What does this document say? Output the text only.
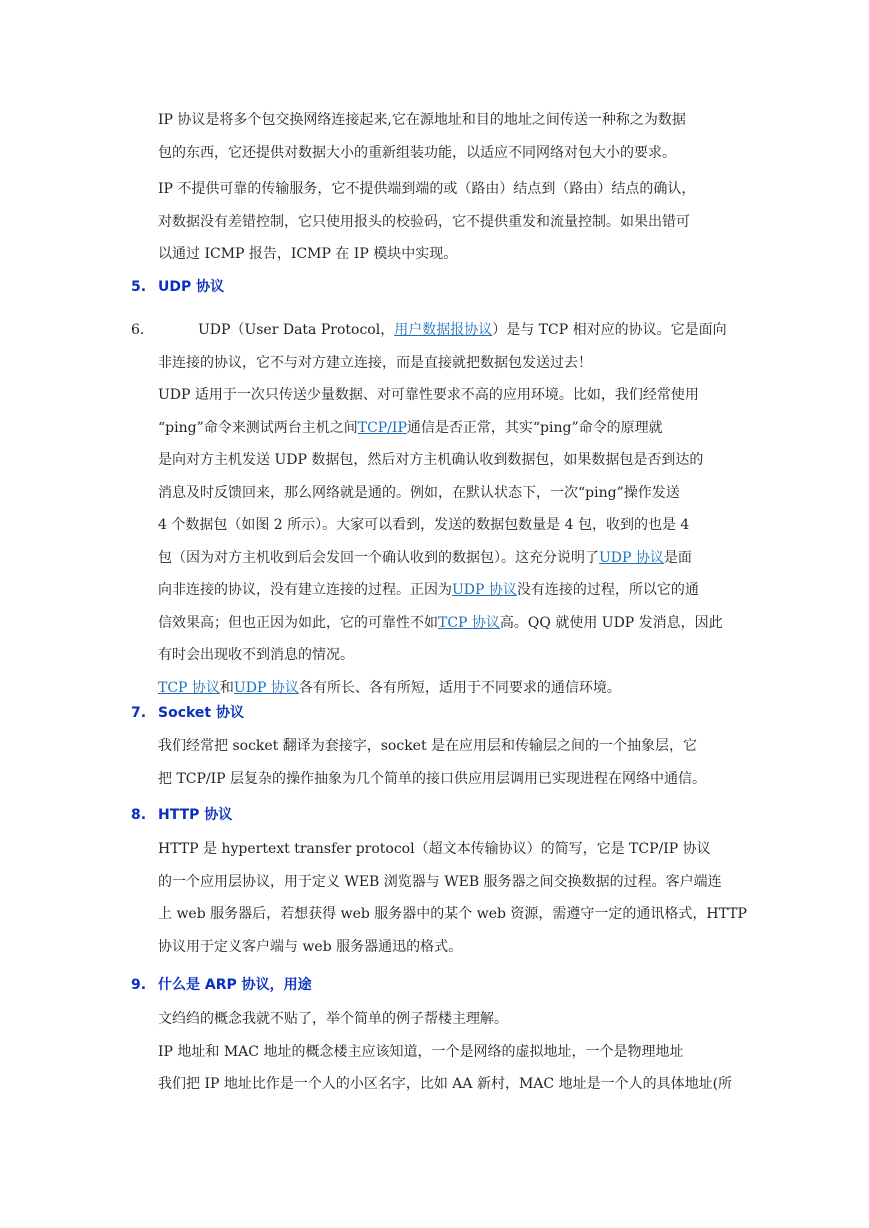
IP 协议是将多个包交换网络连接起来,它在源地址和目的地址之间传送一种称之为数据
包的东西，它还提供对数据大小的重新组装功能，以适应不同网络对包大小的要求。

IP 不提供可靠的传输服务，它不提供端到端的或（路由）结点到（路由）结点的确认，
对数据没有差错控制，它只使用报头的校验码，它不提供重发和流量控制。如果出错可
以通过 ICMP 报告，ICMP 在 IP 模块中实现。

5. UDP 协议
6.	UDP（User Data Protocol，用户数据报协议）是与 TCP 相对应的协议。它是面向
非连接的协议，它不与对方建立连接，而是直接就把数据包发送过去！
UDP 适用于一次只传送少量数据、对可靠性要求不高的应用环境。比如，我们经常使用
“ping”命令来测试两台主机之间TCP/IP通信是否正常，其实“ping”命令的原理就
是向对方主机发送 UDP 数据包，然后对方主机确认收到数据包，如果数据包是否到达的
消息及时反馈回来，那么网络就是通的。例如，在默认状态下，一次“ping”操作发送
4 个数据包（如图 2 所示）。大家可以看到，发送的数据包数量是 4 包，收到的也是 4
包（因为对方主机收到后会发回一个确认收到的数据包）。这充分说明了UDP 协议是面
向非连接的协议，没有建立连接的过程。正因为UDP 协议没有连接的过程，所以它的通
信效果高；但也正因为如此，它的可靠性不如TCP 协议高。QQ 就使用 UDP 发消息，因此
有时会出现收不到消息的情况。
TCP 协议和UDP 协议各有所长、各有所短，适用于不同要求的通信环境。

7. Socket 协议

我们经常把 socket 翻译为套接字，socket 是在应用层和传输层之间的一个抽象层，它
把 TCP/IP 层复杂的操作抽象为几个简单的接口供应用层调用已实现进程在网络中通信。

8. HTTP 协议

HTTP 是 hypertext transfer protocol（超文本传输协议）的简写，它是 TCP/IP 协议
的一个应用层协议，用于定义 WEB 浏览器与 WEB 服务器之间交换数据的过程。客户端连
上 web 服务器后，若想获得 web 服务器中的某个 web 资源，需遵守一定的通讯格式，HTTP
协议用于定义客户端与 web 服务器通迅的格式。

9. 什么是 ARP 协议，用途

文绉绉的概念我就不贴了，举个简单的例子帮楼主理解。
IP 地址和 MAC 地址的概念楼主应该知道，一个是网络的虚拟地址，一个是物理地址
我们把 IP 地址比作是一个人的小区名字，比如 AA 新村，MAC 地址是一个人的具体地址(所
